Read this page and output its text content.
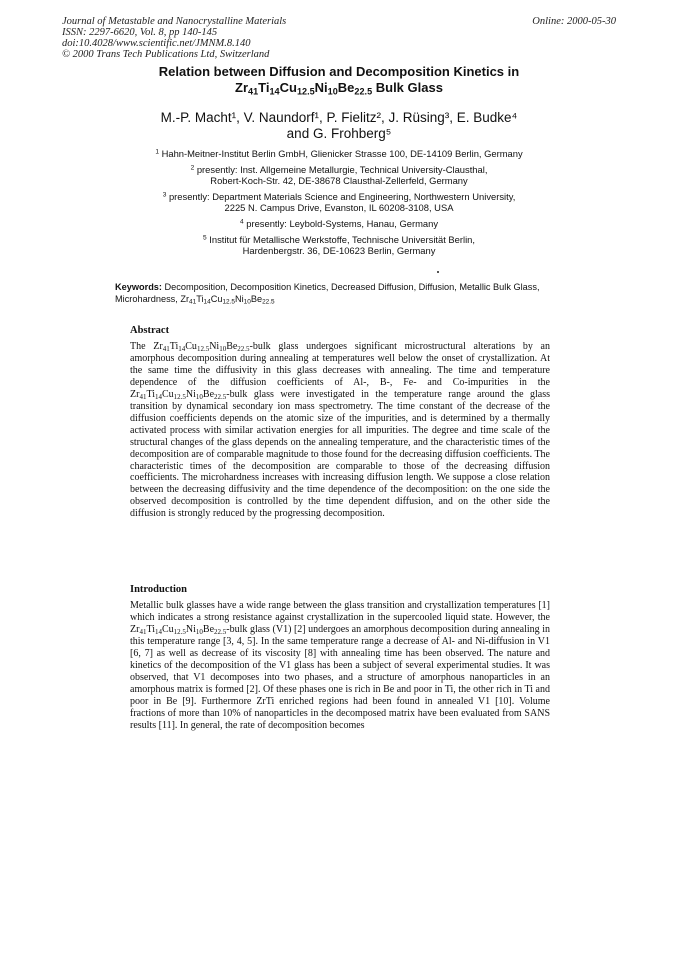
Journal of Metastable and Nanocrystalline Materials
ISSN: 2297-6620, Vol. 8, pp 140-145
doi:10.4028/www.scientific.net/JMNM.8.140
© 2000 Trans Tech Publications Ltd, Switzerland
Online: 2000-05-30
Relation between Diffusion and Decomposition Kinetics in
$Zr_{41}Ti_{14}Cu_{12.5}Ni_{10}Be_{22.5}$ Bulk Glass
M.-P. Macht¹, V. Naundorf¹, P. Fielitz², J. Rüsing³, E. Budke⁴
and G. Frohberg⁵
$^1$ Hahn-Meitner-Institut Berlin GmbH, Glienicker Strasse 100, DE-14109 Berlin, Germany
$^2$ presently: Inst. Allgemeine Metallurgie, Technical University-Clausthal,
Robert-Koch-Str. 42, DE-38678 Clausthal-Zellerfeld, Germany
$^3$ presently: Department Materials Science and Engineering, Northwestern University,
2225 N. Campus Drive, Evanston, IL 60208-3108, USA
$^4$ presently: Leybold-Systems, Hanau, Germany
$^5$ Institut für Metallische Werkstoffe, Technische Universität Berlin,
Hardenbergstr. 36, DE-10623 Berlin, Germany
Keywords: Decomposition, Decomposition Kinetics, Decreased Diffusion, Diffusion, Metallic Bulk Glass, Microhardness, $Zr_{41}Ti_{14}Cu_{12.5}Ni_{10}Be_{22.5}$
Abstract
The $Zr_{41}Ti_{14}Cu_{12.5}Ni_{10}Be_{22.5}$-bulk glass undergoes significant microstructural alterations by an amorphous decomposition during annealing at temperatures well below the onset of crystallization. At the same time the diffusivity in this glass decreases with annealing. The time and temperature dependence of the diffusion coefficients of Al-, B-, Fe- and Co-impurities in the $Zr_{41}Ti_{14}Cu_{12.5}Ni_{10}Be_{22.5}$-bulk glass were investigated in the temperature range around the glass transition by dynamical secondary ion mass spectrometry. The time constant of the decrease of the diffusion coefficients depends on the atomic size of the impurities, and is determined by a thermally activated process with similar activation energies for all impurities. The degree and time scale of the structural changes of the glass depends on the annealing temperature, and the characteristic times of the decomposition are of comparable magnitude to those found for the decreasing diffusion coefficients. The characteristic times of the decomposition are comparable to those of the decreasing diffusion coefficients. The microhardness increases with increasing diffusion length. We suppose a close relation between the decreasing diffusivity and the time dependence of the decomposition: on the one side the observed decomposition is controlled by the time dependent diffusion, and on the other side the diffusion is strongly reduced by the progressing decomposition.
Introduction
Metallic bulk glasses have a wide range between the glass transition and crystallization temperatures [1] which indicates a strong resistance against crystallization in the supercooled liquid state. However, the $Zr_{41}Ti_{14}Cu_{12.5}Ni_{10}Be_{22.5}$-bulk glass (V1) [2] undergoes an amorphous decomposition during annealing in this temperature range [3, 4, 5]. In the same temperature range a decrease of Al- and Ni-diffusion in V1 [6, 7] as well as decrease of its viscosity [8] with annealing time has been observed. The nature and kinetics of the decomposition of the V1 glass has been a subject of several experimental studies. It was observed, that V1 decomposes into two phases, and a structure of amorphous nanoparticles in an amorphous matrix is formed [2]. Of these phases one is rich in Be and poor in Ti, the other rich in Ti and poor in Be [9]. Furthermore ZrTi enriched regions had been found in annealed V1 [10]. Volume fractions of more than 10% of nanoparticles in the decomposed matrix have been evaluated from SANS results [11]. In general, the rate of decomposition becomes
